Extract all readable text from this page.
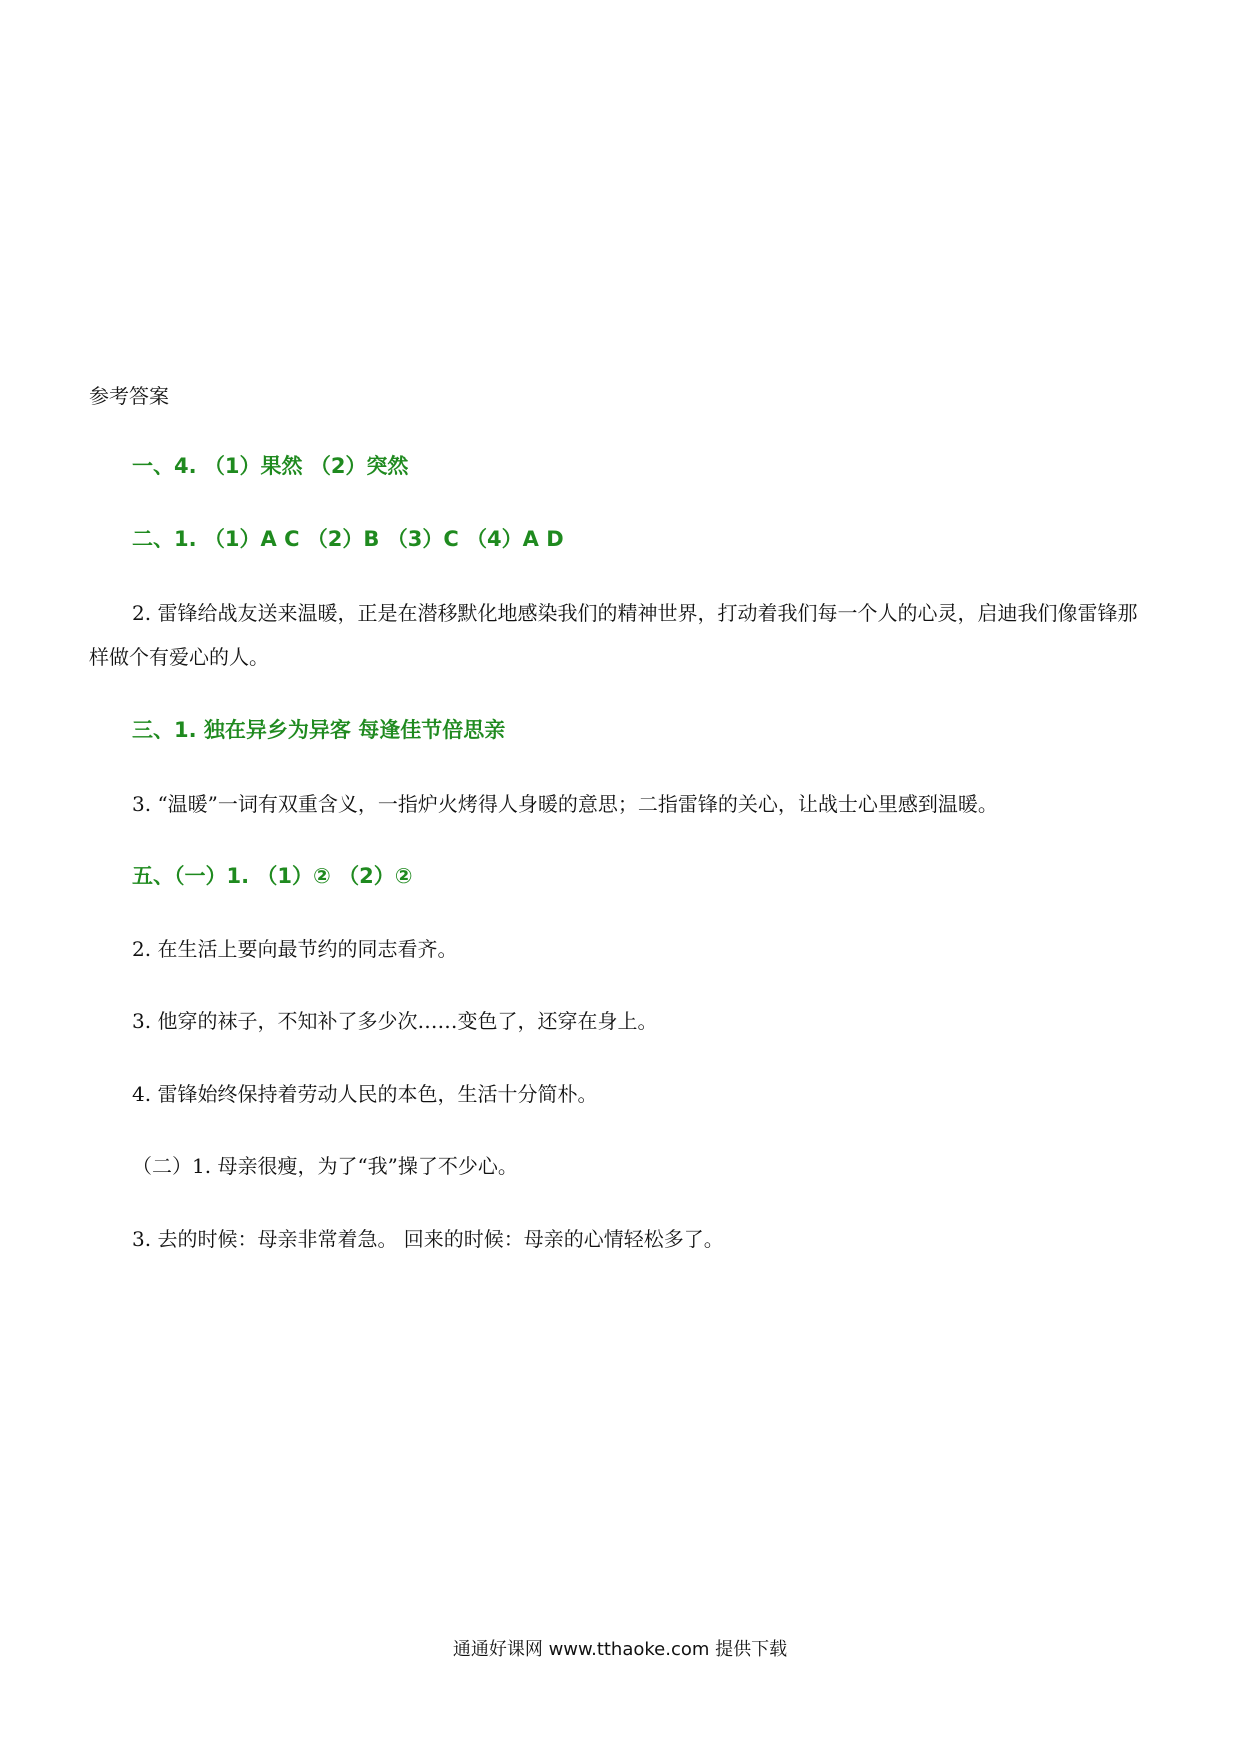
参考答案
一、4. （1）果然 （2）突然
二、1. （1）A C （2）B （3）C （4）A D
2. 雷锋给战友送来温暖，正是在潜移默化地感染我们的精神世界，打动着我们每一个人的心灵，启迪我们像雷锋那样做个有爱心的人。
三、1. 独在异乡为异客 每逢佳节倍思亲
3. “温暖”一词有双重含义，一指炉火烤得人身暖的意思；二指雷锋的关心，让战士心里感到温暖。
五、（一）1. （1）② （2）②
2. 在生活上要向最节约的同志看齐。
3. 他穿的袜子，不知补了多少次……变色了，还穿在身上。
4. 雷锋始终保持着劳动人民的本色，生活十分简朴。
（二）1. 母亲很瘦，为了“我”操了不少心。
3. 去的时候：母亲非常着急。 回来的时候：母亲的心情轻松多了。
通通好课网 www.tthaoke.com 提供下载
